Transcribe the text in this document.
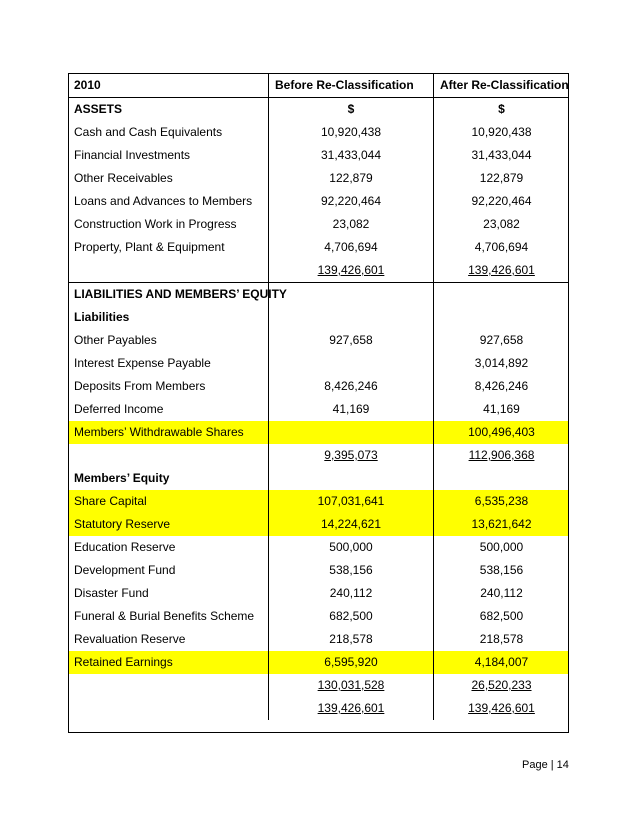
2010	Before Re-Classification	After Re-Classification
ASSETS	$	$
Cash and Cash Equivalents	10,920,438	10,920,438
Financial Investments	31,433,044	31,433,044
Other Receivables	122,879	122,879
Loans and Advances to Members	92,220,464	92,220,464
Construction Work in Progress	23,082	23,082
Property, Plant & Equipment	4,706,694	4,706,694
	139,426,601	139,426,601
LIABILITIES AND MEMBERS’ EQUITY		
Liabilities		
Other Payables	927,658	927,658
Interest Expense Payable		3,014,892
Deposits From Members	8,426,246	8,426,246
Deferred Income	41,169	41,169
Members’ Withdrawable Shares		100,496,403
	9,395,073	112,906,368
Members’ Equity		
Share Capital	107,031,641	6,535,238
Statutory Reserve	14,224,621	13,621,642
Education Reserve	500,000	500,000
Development Fund	538,156	538,156
Disaster Fund	240,112	240,112
Funeral & Burial Benefits Scheme	682,500	682,500
Revaluation Reserve	218,578	218,578
Retained Earnings	6,595,920	4,184,007
	130,031,528	26,520,233
	139,426,601	139,426,601
Page | 14
